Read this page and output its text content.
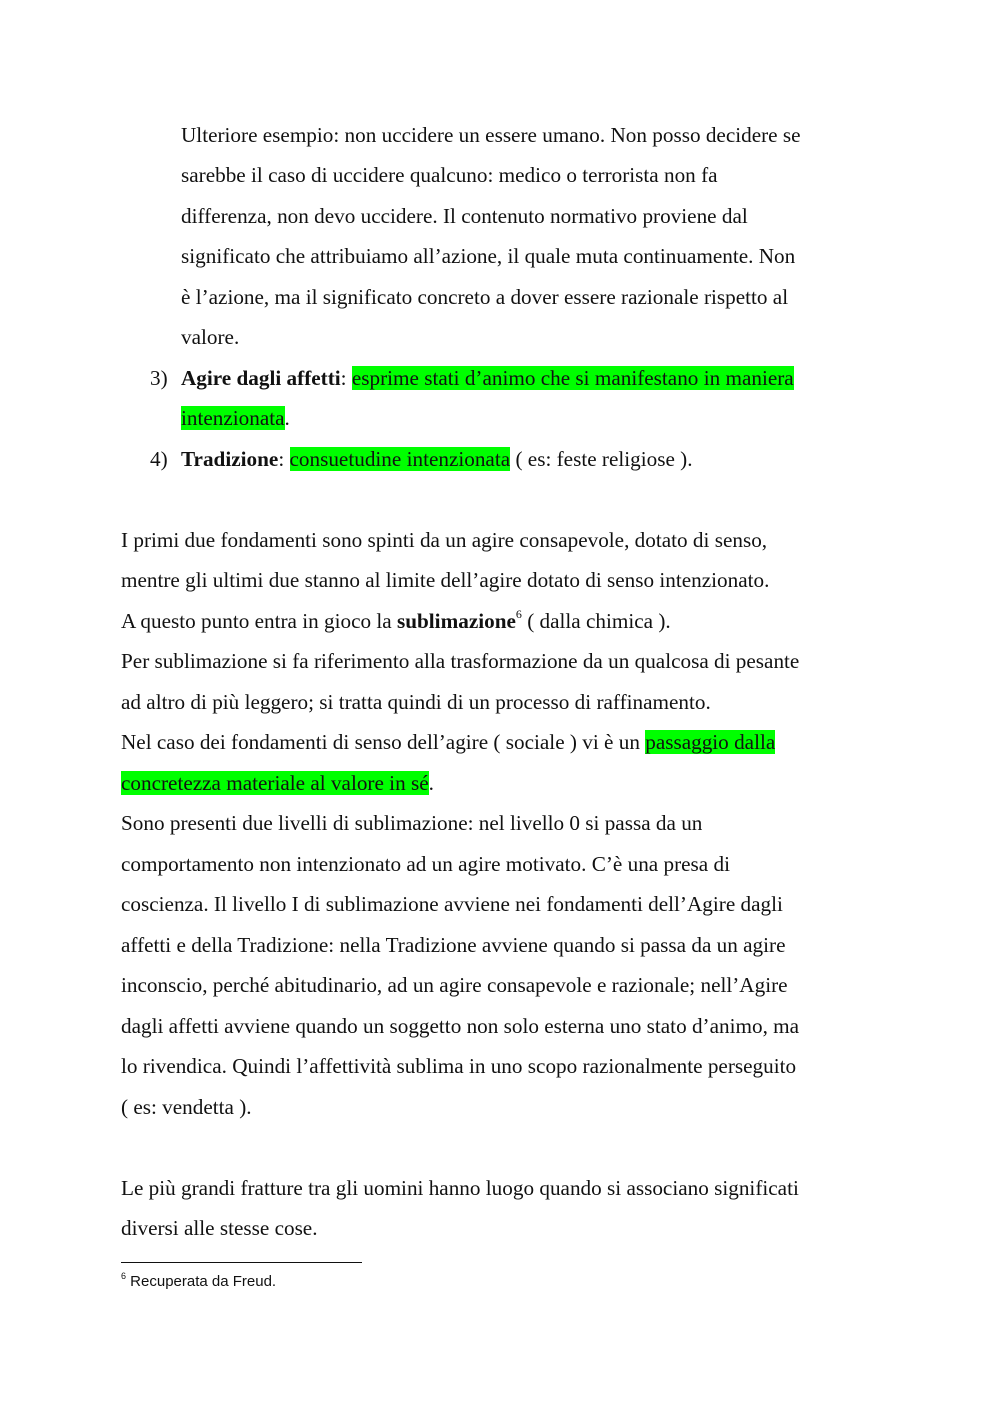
Ulteriore esempio: non uccidere un essere umano. Non posso decidere se
sarebbe il caso di uccidere qualcuno: medico o terrorista non fa
differenza, non devo uccidere. Il contenuto normativo proviene dal
significato che attribuiamo all’azione, il quale muta continuamente. Non
è l’azione, ma il significato concreto a dover essere razionale rispetto al
valore.
3) Agire dagli affetti: esprime stati d’animo che si manifestano in maniera
intenzionata.
4) Tradizione: consuetudine intenzionata ( es: feste religiose ).
I primi due fondamenti sono spinti da un agire consapevole, dotato di senso,
mentre gli ultimi due stanno al limite dell’agire dotato di senso intenzionato.
A questo punto entra in gioco la sublimazione$^6$ ( dalla chimica ).
Per sublimazione si fa riferimento alla trasformazione da un qualcosa di pesante
ad altro di più leggero; si tratta quindi di un processo di raffinamento.
Nel caso dei fondamenti di senso dell’agire ( sociale ) vi è un passaggio dalla
concretezza materiale al valore in sé.
Sono presenti due livelli di sublimazione: nel livello 0 si passa da un
comportamento non intenzionato ad un agire motivato. C’è una presa di
coscienza. Il livello I di sublimazione avviene nei fondamenti dell’Agire dagli
affetti e della Tradizione: nella Tradizione avviene quando si passa da un agire
inconscio, perché abitudinario, ad un agire consapevole e razionale; nell’Agire
dagli affetti avviene quando un soggetto non solo esterna uno stato d’animo, ma
lo rivendica. Quindi l’affettività sublima in uno scopo razionalmente perseguito
( es: vendetta ).
Le più grandi fratture tra gli uomini hanno luogo quando si associano significati
diversi alle stesse cose.
$^6$ Recuperata da Freud.
